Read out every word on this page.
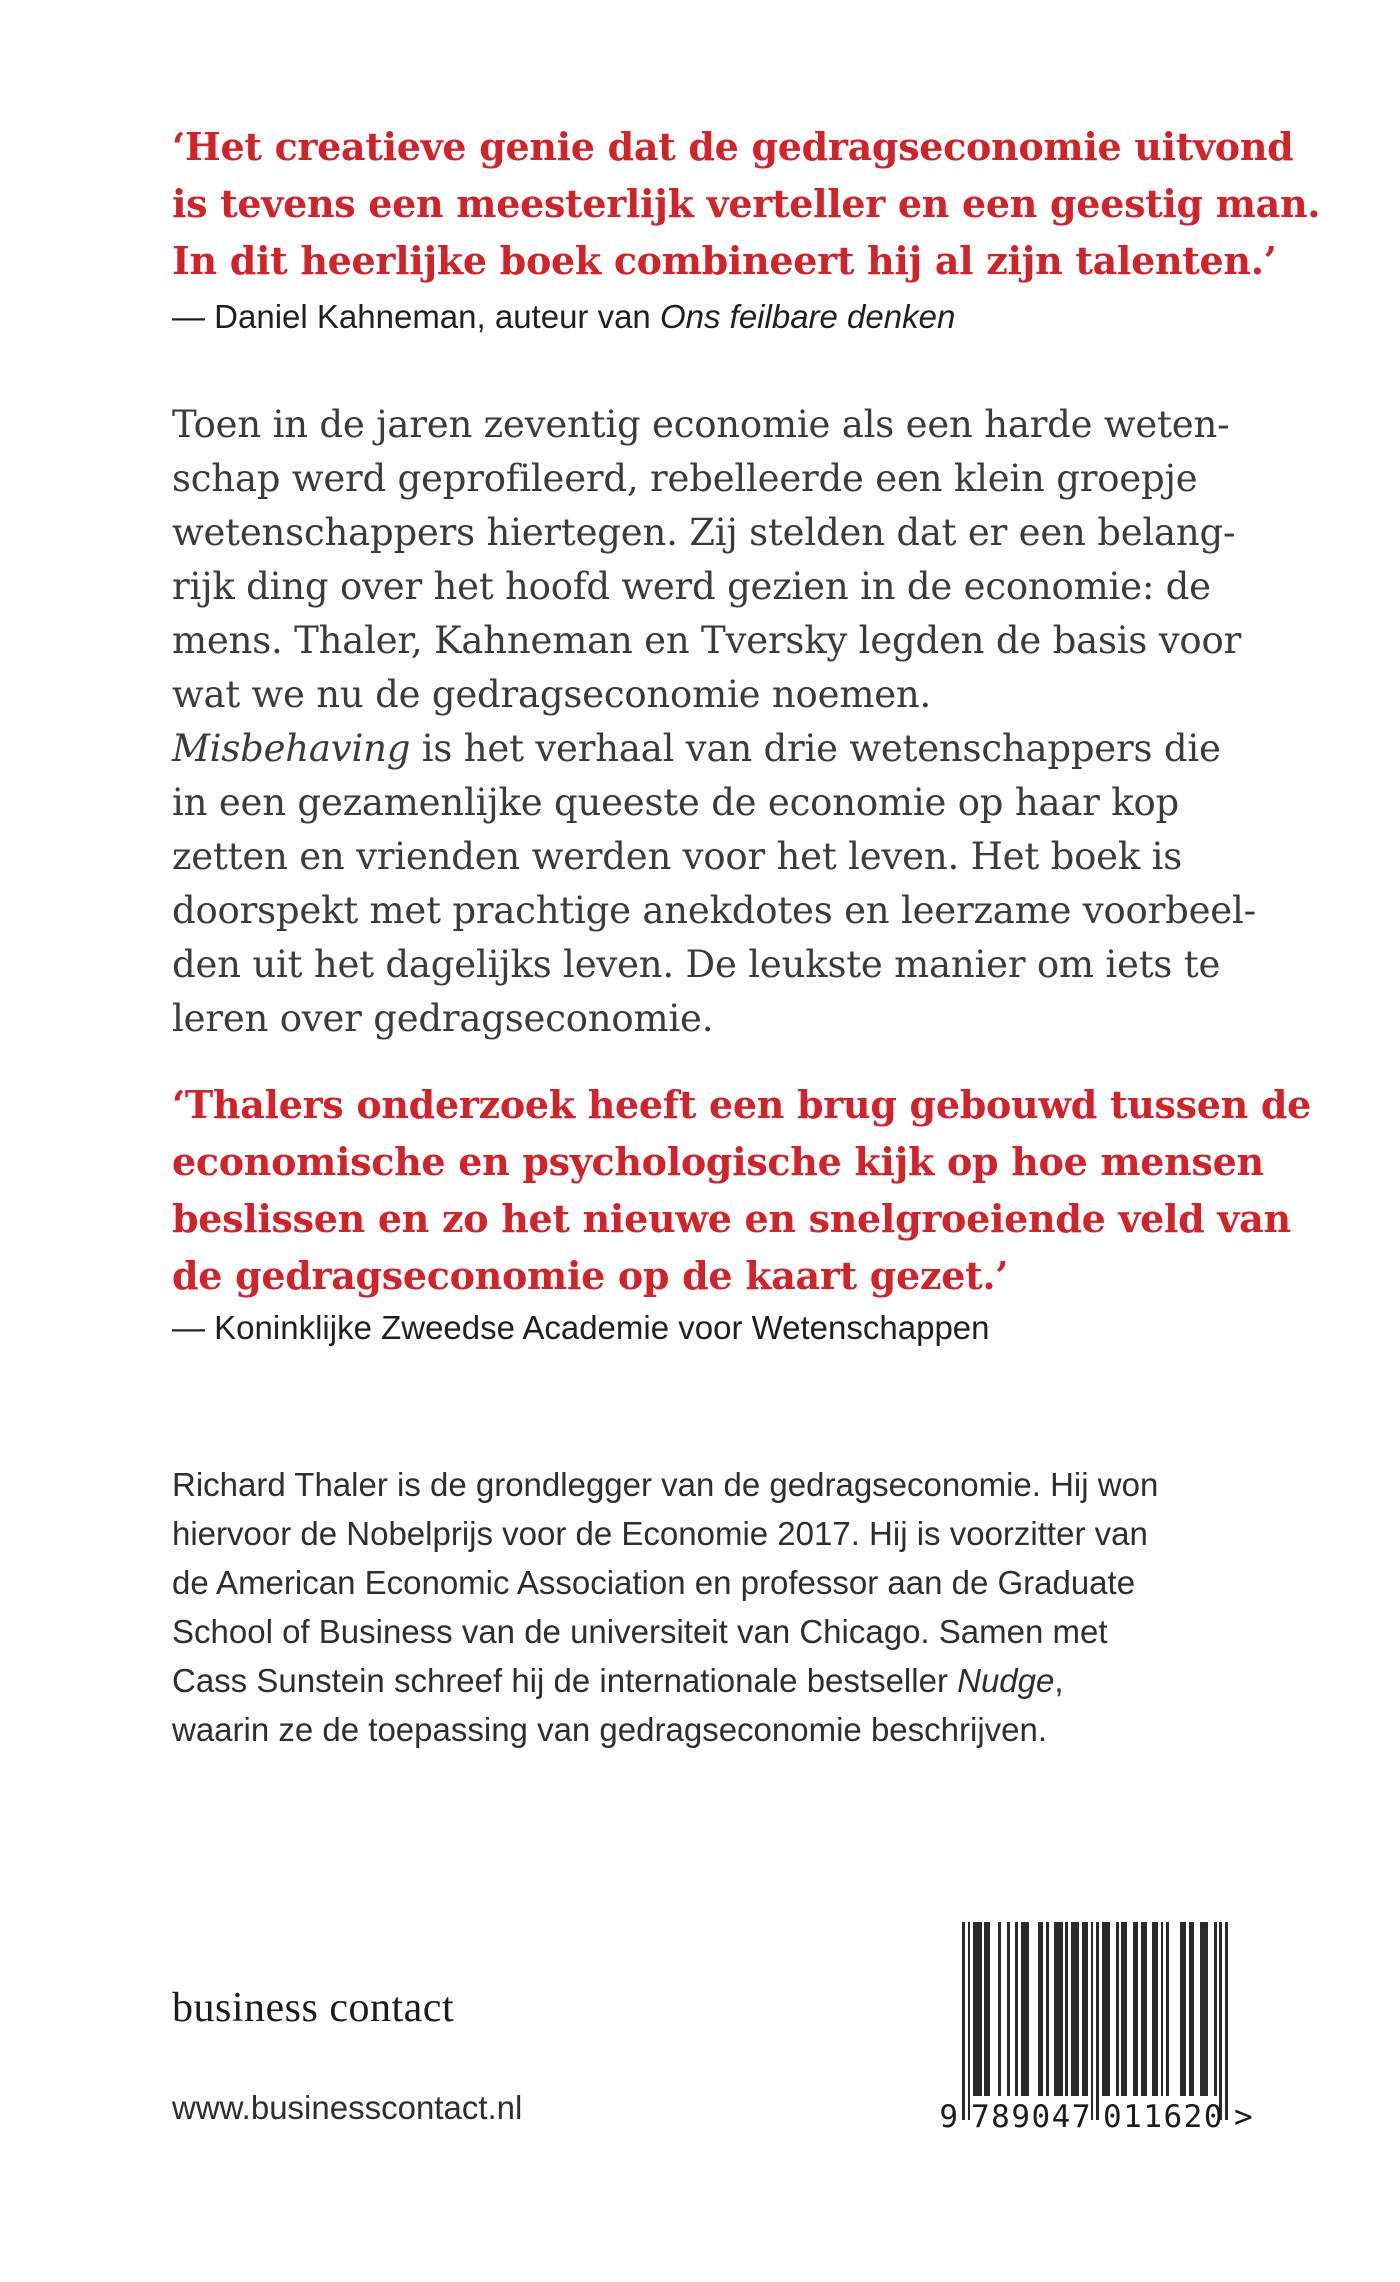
‘Het creatieve genie dat de gedragseconomie uitvond
is tevens een meesterlijk verteller en een geestig man.
In dit heerlijke boek combineert hij al zijn talenten.’
— Daniel Kahneman, auteur van Ons feilbare denken
Toen in de jaren zeventig economie als een harde weten-
schap werd geprofileerd, rebelleerde een klein groepje
wetenschappers hiertegen. Zij stelden dat er een belang-
rijk ding over het hoofd werd gezien in de economie: de
mens. Thaler, Kahneman en Tversky legden de basis voor
wat we nu de gedragseconomie noemen.
Misbehaving is het verhaal van drie wetenschappers die
in een gezamenlijke queeste de economie op haar kop
zetten en vrienden werden voor het leven. Het boek is
doorspekt met prachtige anekdotes en leerzame voorbeel-
den uit het dagelijks leven. De leukste manier om iets te
leren over gedragseconomie.
‘Thalers onderzoek heeft een brug gebouwd tussen de
economische en psychologische kijk op hoe mensen
beslissen en zo het nieuwe en snelgroeiende veld van
de gedragseconomie op de kaart gezet.’
— Koninklijke Zweedse Academie voor Wetenschappen
Richard Thaler is de grondlegger van de gedragseconomie. Hij won
hiervoor de Nobelprijs voor de Economie 2017. Hij is voorzitter van
de American Economic Association en professor aan de Graduate
School of Business van de universiteit van Chicago. Samen met
Cass Sunstein schreef hij de internationale bestseller Nudge,
waarin ze de toepassing van gedragseconomie beschrijven.
business contact
www.businesscontact.nl	9 789047 011620 >
